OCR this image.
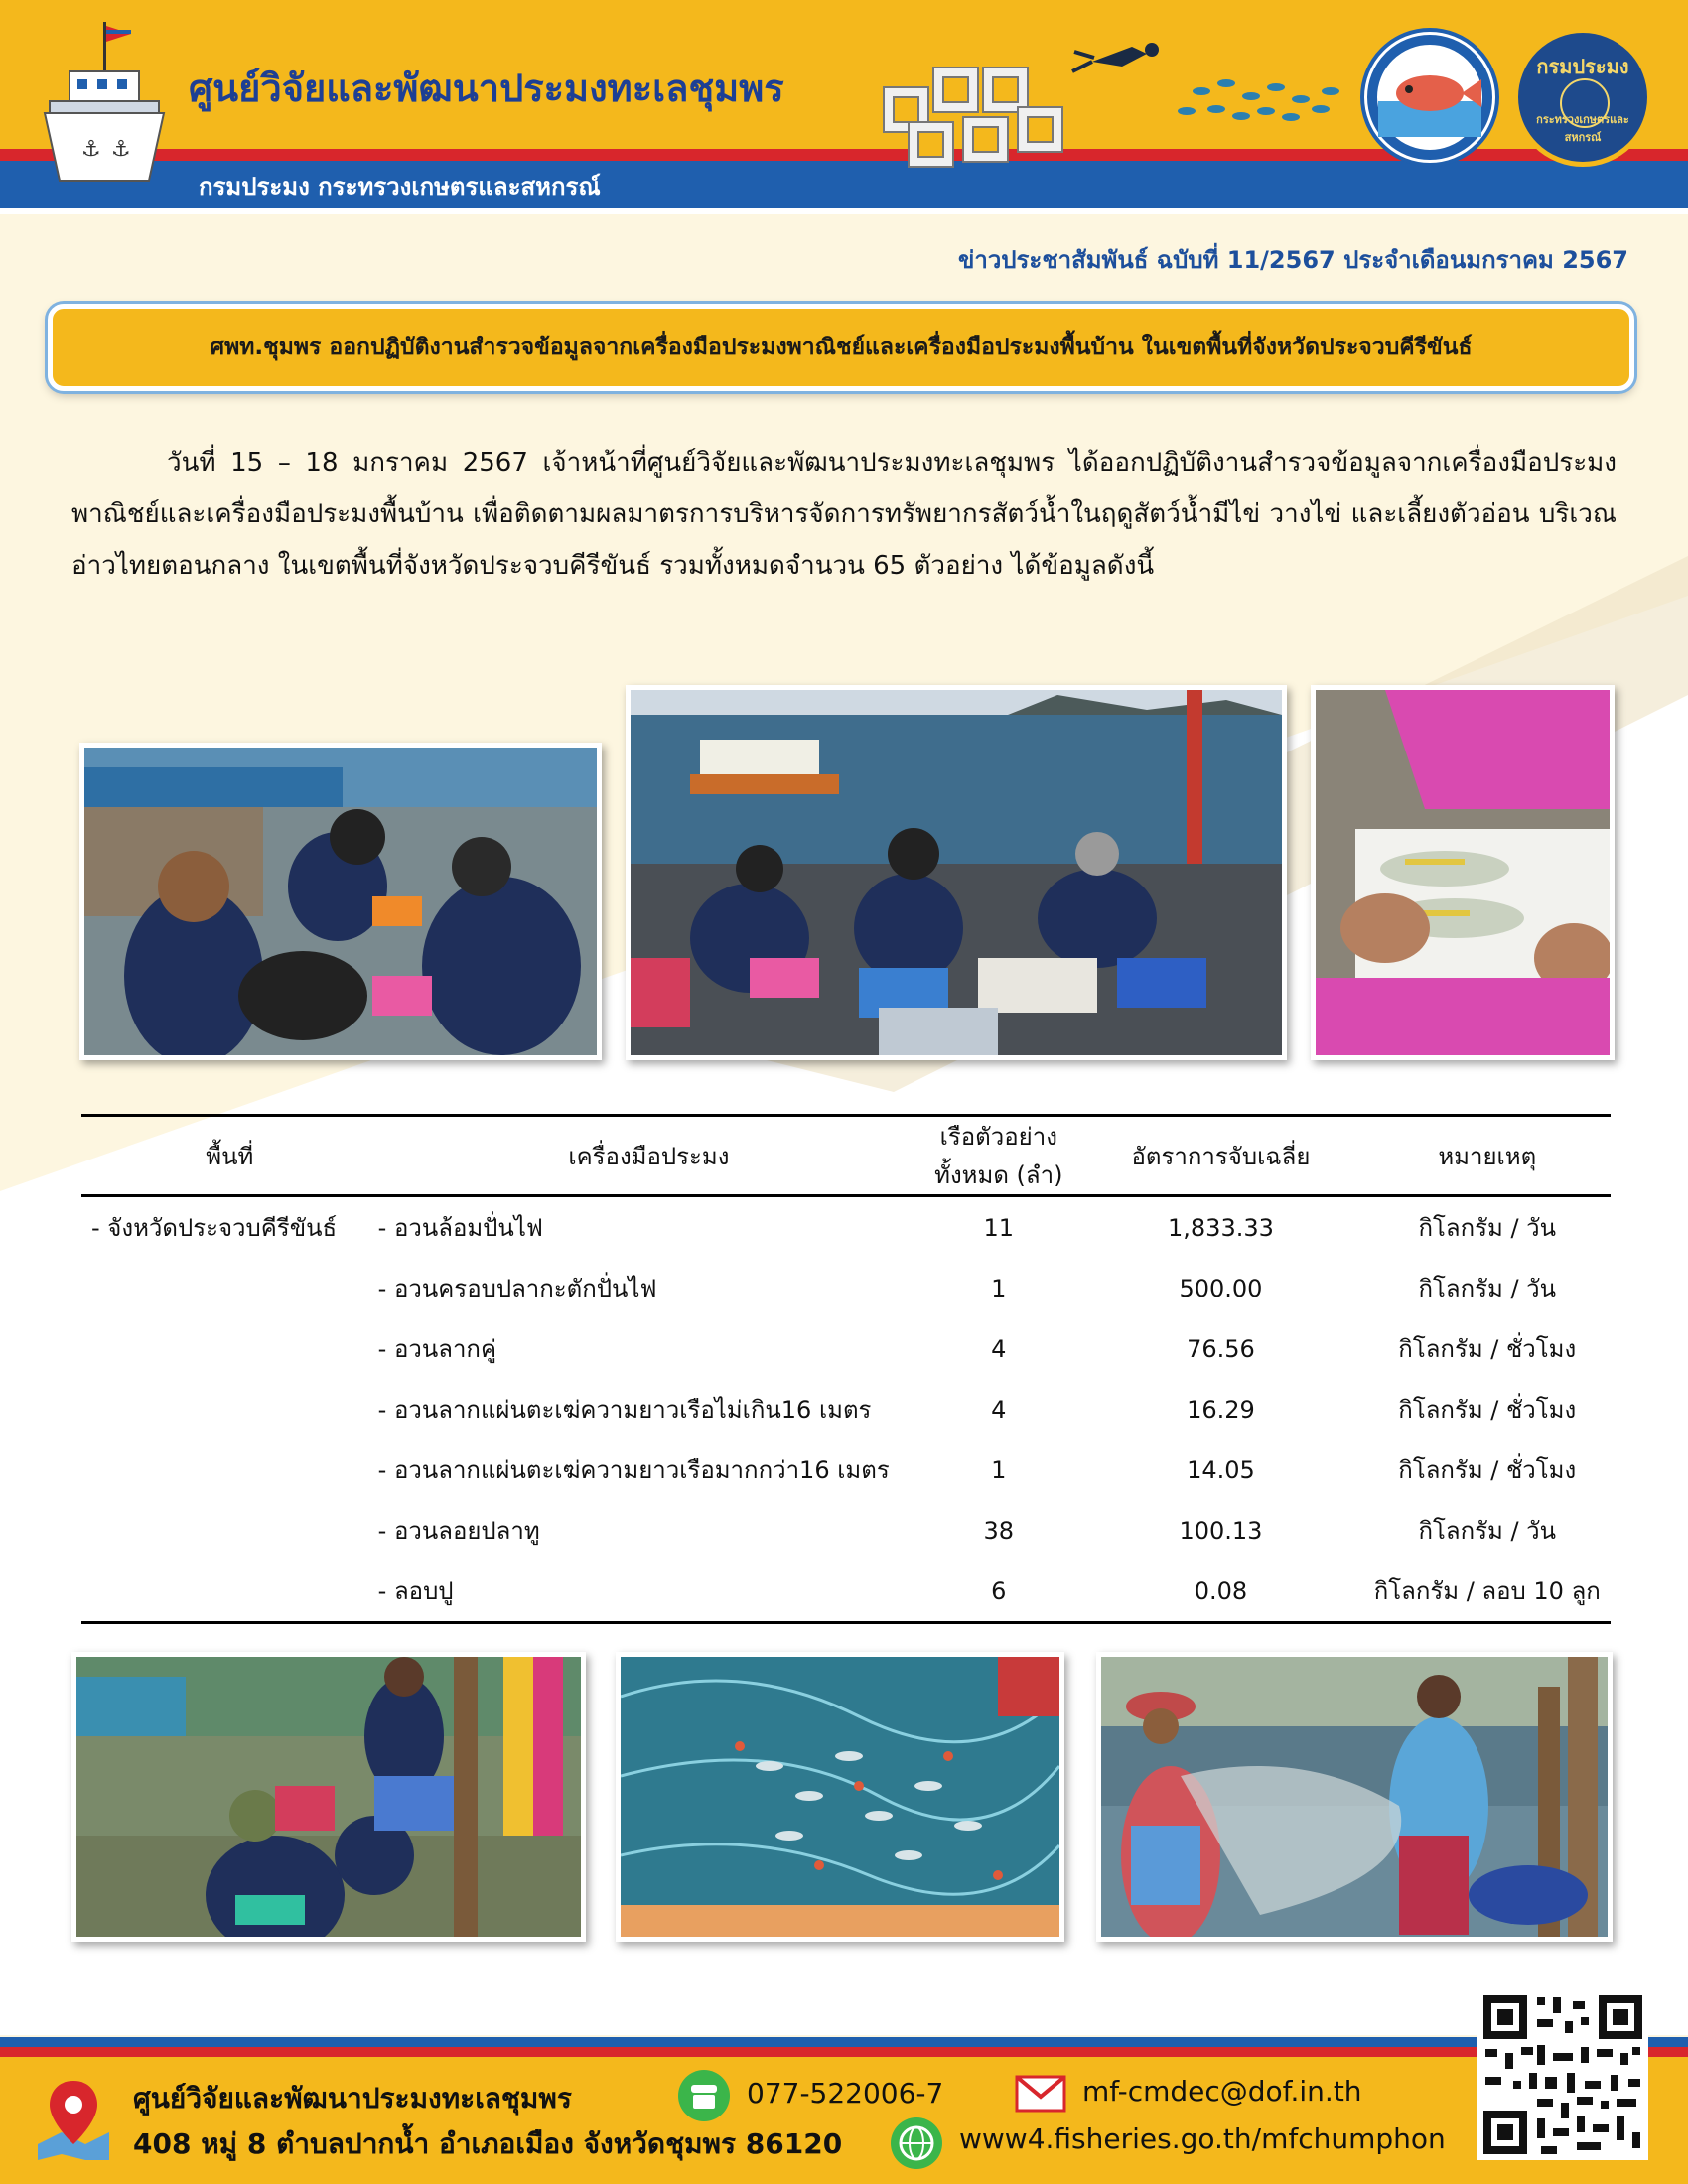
⚓ ⚓
ศูนย์วิจัยและพัฒนาประมงทะเลชุมพร
กรมประมง กระทรวงเกษตรและสหกรณ์
กรมประมง
กระทรวงเกษตรและสหกรณ์
ข่าวประชาสัมพันธ์ ฉบับที่ 11/2567 ประจำเดือนมกราคม 2567
ศพท.ชุมพร ออกปฏิบัติงานสำรวจข้อมูลจากเครื่องมือประมงพาณิชย์และเครื่องมือประมงพื้นบ้าน ในเขตพื้นที่จังหวัดประจวบคีรีขันธ์

วันที่ 15 – 18 มกราคม 2567 เจ้าหน้าที่ศูนย์วิจัยและพัฒนาประมงทะเลชุมพร ได้ออกปฏิบัติงานสำรวจข้อมูลจากเครื่องมือประมงพาณิชย์และเครื่องมือประมงพื้นบ้าน เพื่อติดตามผลมาตรการบริหารจัดการทรัพยากรสัตว์น้ำในฤดูสัตว์น้ำมีไข่ วางไข่ และเลี้ยงตัวอ่อน บริเวณอ่าวไทยตอนกลาง ในเขตพื้นที่จังหวัดประจวบคีรีขันธ์ รวมทั้งหมดจำนวน 65 ตัวอย่าง ได้ข้อมูลดังนี้

พื้นที่	เครื่องมือประมง	เรือตัวอย่างทั้งหมด (ลำ)	อัตราการจับเฉลี่ย	หมายเหตุ
- จังหวัดประจวบคีรีขันธ์	- อวนล้อมปั่นไฟ	11	1,833.33	กิโลกรัม / วัน
	- อวนครอบปลากะตักปั่นไฟ	1	500.00	กิโลกรัม / วัน
	- อวนลากคู่	4	76.56	กิโลกรัม / ชั่วโมง
	- อวนลากแผ่นตะเฆ่ความยาวเรือไม่เกิน16 เมตร	4	16.29	กิโลกรัม / ชั่วโมง
	- อวนลากแผ่นตะเฆ่ความยาวเรือมากกว่า16 เมตร	1	14.05	กิโลกรัม / ชั่วโมง
	- อวนลอยปลาทู	38	100.13	กิโลกรัม / วัน
	- ลอบปู	6	0.08	กิโลกรัม / ลอบ 10 ลูก
ศูนย์วิจัยและพัฒนาประมงทะเลชุมพร
408 หมู่ 8 ตำบลปากน้ำ อำเภอเมือง จังหวัดชุมพร 86120
077-522006-7	mf-cmdec@dof.in.th
www4.fisheries.go.th/mfchumphon
